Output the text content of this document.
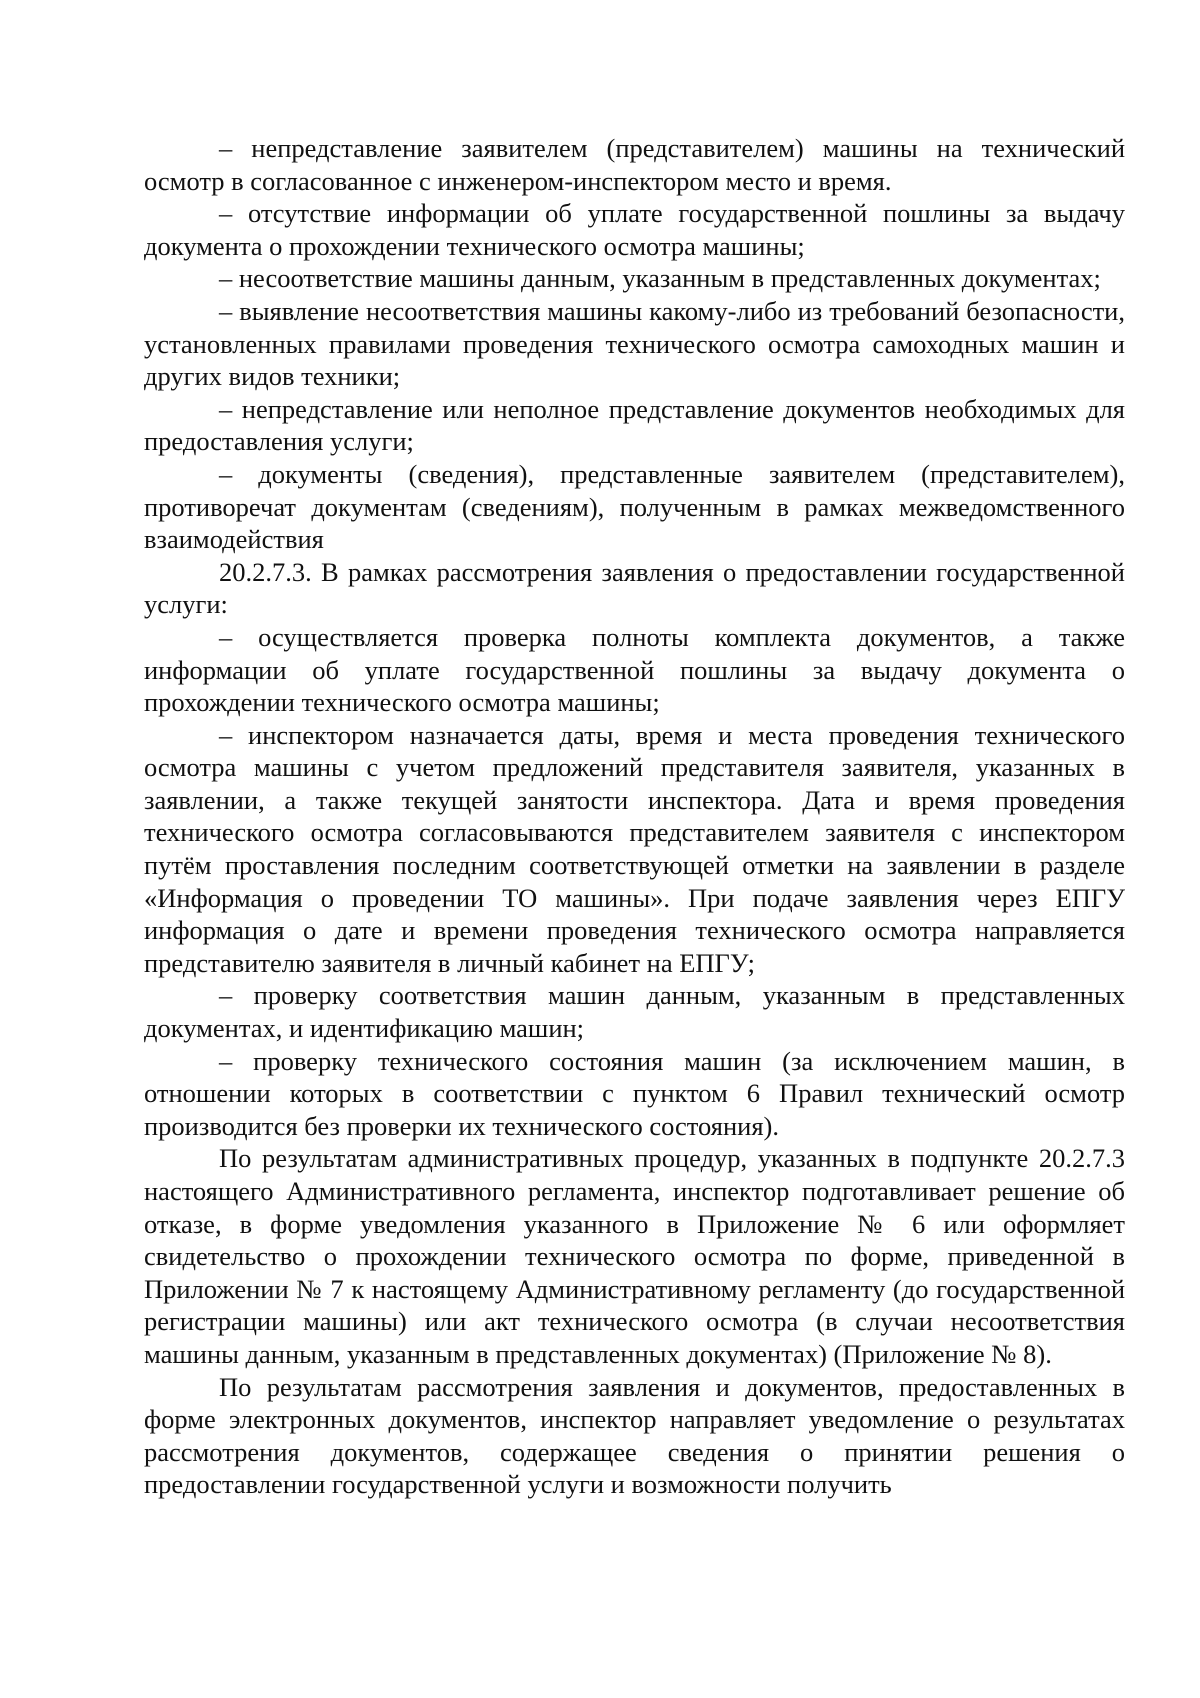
– непредставление заявителем (представителем) машины на технический осмотр в согласованное с инженером-инспектором место и время.

– отсутствие информации об уплате государственной пошлины за выдачу документа о прохождении технического осмотра машины;

– несоответствие машины данным, указанным в представленных документах;

– выявление несоответствия машины какому-либо из требований безопасности, установленных правилами проведения технического осмотра самоходных машин и других видов техники;

– непредставление или неполное представление документов необходимых для предоставления услуги;

– документы (сведения), представленные заявителем (представителем), противоречат документам (сведениям), полученным в рамках межведомственного взаимодействия

20.2.7.3. В рамках рассмотрения заявления о предоставлении государственной услуги:

– осуществляется проверка полноты комплекта документов, а также информации об уплате государственной пошлины за выдачу документа о прохождении технического осмотра машины;

– инспектором назначается даты, время и места проведения технического осмотра машины с учетом предложений представителя заявителя, указанных в заявлении, а также текущей занятости инспектора. Дата и время проведения технического осмотра согласовываются представителем заявителя с инспектором путём проставления последним соответствующей отметки на заявлении в разделе «Информация о проведении ТО машины». При подаче заявления через ЕПГУ информация о дате и времени проведения технического осмотра направляется представителю заявителя в личный кабинет на ЕПГУ;

– проверку соответствия машин данным, указанным в представленных документах, и идентификацию машин;

– проверку технического состояния машин (за исключением машин, в отношении которых в соответствии с пунктом 6 Правил технический осмотр производится без проверки их технического состояния).

По результатам административных процедур, указанных в подпункте 20.2.7.3 настоящего Административного регламента, инспектор подготавливает решение об отказе, в форме уведомления указанного в Приложение № 6 или оформляет свидетельство о прохождении технического осмотра по форме, приведенной в Приложении № 7 к настоящему Административному регламенту (до государственной регистрации машины) или акт технического осмотра (в случаи несоответствия машины данным, указанным в представленных документах) (Приложение № 8).

По результатам рассмотрения заявления и документов, предоставленных в форме электронных документов, инспектор направляет уведомление о результатах рассмотрения документов, содержащее сведения о принятии решения о предоставлении государственной услуги и возможности получить
